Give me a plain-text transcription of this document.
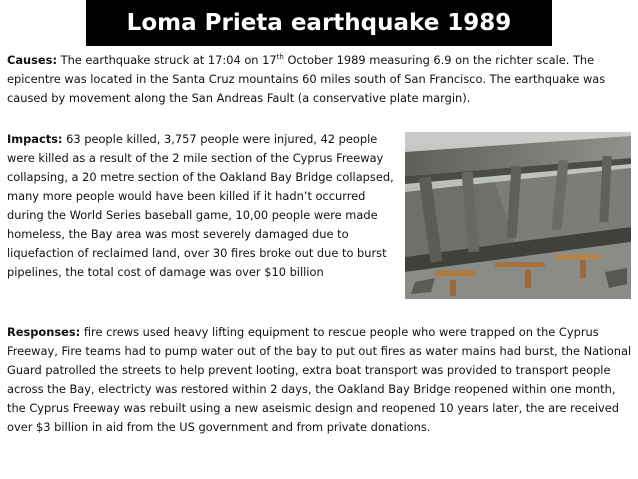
Loma Prieta earthquake 1989

Causes: The earthquake struck at 17:04 on 17th October 1989 measuring 6.9 on the richter scale. The epicentre was located in the Santa Cruz mountains 60 miles south of San Francisco. The earthquake was caused by movement along the San Andreas Fault (a conservative plate margin).

Impacts: 63 people killed, 3,757 people were injured, 42 people were killed as a result of the 2 mile section of the Cyprus Freeway collapsing, a 20 metre section of the Oakland Bay Bridge collapsed, many more people would have been killed if it hadn’t occurred during the World Series baseball game, 10,00 people were made homeless, the Bay area was most severely damaged due to liquefaction of reclaimed land, over 30 fires broke out due to burst pipelines, the total cost of damage was over $10 billion

Responses: fire crews used heavy lifting equipment to rescue people who were trapped on the Cyprus Freeway, Fire teams had to pump water out of the bay to put out fires as water mains had burst, the National Guard patrolled the streets to help prevent looting, extra boat transport was provided to transport people across the Bay, electricty was restored within 2 days, the Oakland Bay Bridge reopened within one month, the Cyprus Freeway was rebuilt using a new aseismic design and reopened 10 years later, the are received over $3 billion in aid from the US government and from private donations.
